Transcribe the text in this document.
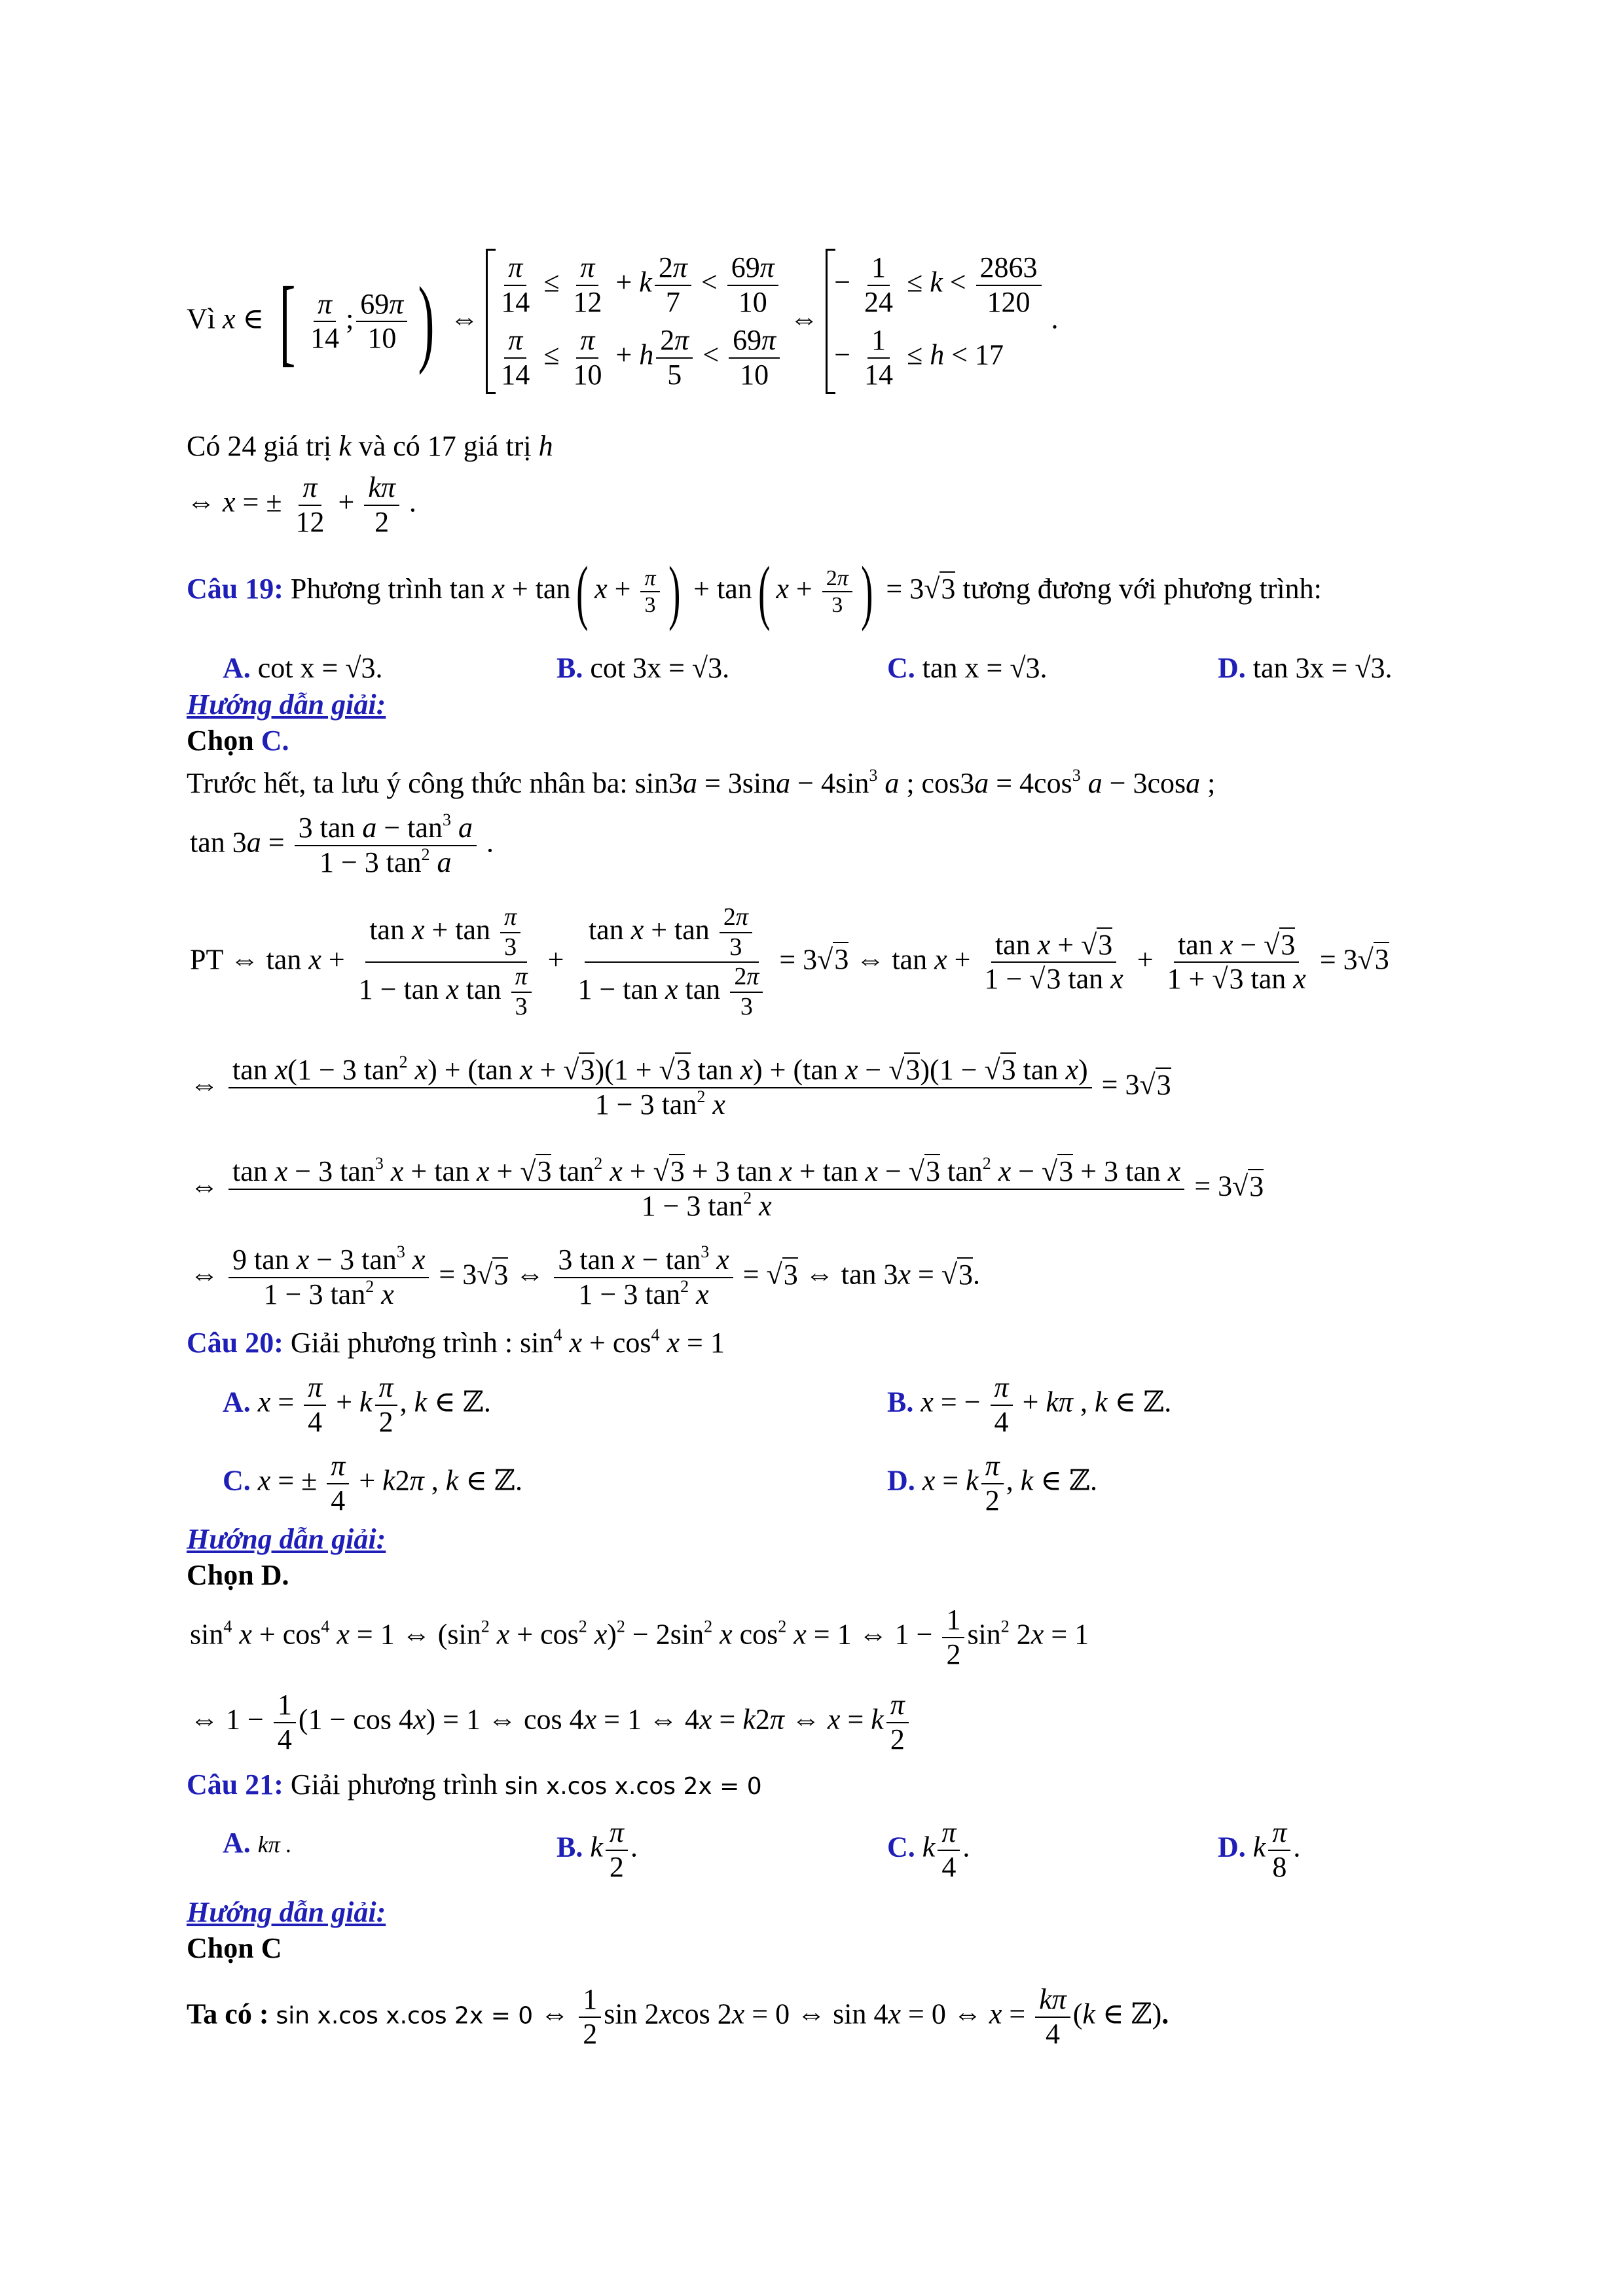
Vì x ∈ [ $\frac{\pi}{14}$ ; $\frac{69\pi}{10}$ ) ⇔ $\frac{\pi}{14} \le \frac{\pi}{12} + k \frac{2\pi}{7} < \frac{69\pi}{10}$
$\frac{\pi}{14} \le \frac{\pi}{10} + h \frac{2\pi}{5} < \frac{69\pi}{10}$
⇔
− $\frac{1}{24} \le k < \frac{2863}{120}$
− $\frac{1}{14} \le h < 17$
.
Có 24 giá trị k và có 17 giá trị h
⇔ x = ± $\frac{\pi}{12} + \frac{k\pi}{2}$ .
Câu 19: Phương trình tan x + tan( $x + \frac{\pi}{3}$ ) + tan( $x + \frac{2\pi}{3}$ ) = 3√3 tương đương với phương trình:
A. cot x = √3.	B. cot 3x = √3.	C. tan x = √3.	D. tan 3x = √3.
Hướng dẫn giải:
Chọn C.
Trước hết, ta lưu ý công thức nhân ba: $\sin 3a = 3\sin a - 4\sin^3$ a ; $\cos 3a = 4\cos^3$ a − 3cosa ;
$\tan 3a = \frac{3 \tan a - \tan^3 a}{1 - 3 \tan^2 a}$ .
PT ⇔ $\tan x + \frac{\tan x + \tan \frac{\pi}{3}}{1 - \tan x \tan \frac{\pi}{3}} + \frac{\tan x + \tan \frac{2\pi}{3}}{1 - \tan x \tan \frac{2\pi}{3}} = 3√3$ ⇔ $\tan x + \frac{\text{tan x + √3}}{\text{1 − √3 tan x}} + \frac{\text{tan x − √3}}{\text{1 + √3 tan x}} = 3√3$
⇔ tan x(1 − 3 $\tan^2 x) + (\tan$ x + √3)(1 + √3 tan x) + (tan x − √3)(1 − √3 tan x)
1 − 3 $\tan^2 x$
= 3√3
⇔ tan x − 3 $\tan^3 x + \tan x + √3$ $\tan^2 x + √3 + 3$ tan x + tan x − √3 $\tan^2 x - √3 + 3$ tan x
1 − 3 $\tan^2 x$
= 3√3
⇔ $\frac{9 \tan x - 3 \tan^3 x}{1 - 3 \tan^2 x} = 3√3$ ⇔ $\frac{3 \tan x - \tan^3 x}{1 - 3 \tan^2 x} = √3$ ⇔ tan 3x = √3.
Câu 20: Giải phương trình : $\sin^4 x + \cos^4 x = 1$
A. $x = \frac{\pi}{4} + k \frac{\pi}{2}$ , k ∈ ℤ.	B. x = − $\frac{\pi}{4} + k\pi$ , k ∈ ℤ.
C. x = ± $\frac{\pi}{4} + k2\pi$ , k ∈ ℤ.	D. x = k $\frac{\pi}{2}$ , k ∈ ℤ.
Hướng dẫn giải:
Chọn D.
$\sin^4 x + \cos^4 x = 1$ ⇔ ($\sin^2$ $x + \cos^2 x)^2 - 2\sin^2$ x $\cos^2 x = 1$ ⇔ $1 - \frac{1}{2} \sin^2 2x = 1$
⇔ $1 - \frac{1}{4} (1 - \cos 4x) = 1$ ⇔ cos 4x = 1 ⇔ 4x = k2π ⇔ x = k $\frac{\pi}{2}$
Câu 21: Giải phương trình sin x.cos x.cos 2x = 0
A. kπ .	B. k $\frac{\pi}{2}$ .	C. k $\frac{\pi}{4}$ .	D. k $\frac{\pi}{8}$ .
Hướng dẫn giải:
Chọn C
Ta có : sin x.cos x.cos 2x = 0 ⇔ $\frac{1}{2}$ sin 2xcos 2x = 0 ⇔ sin 4x = 0 ⇔ $x = \frac{k\pi}{4} (k$ ∈ ℤ).
